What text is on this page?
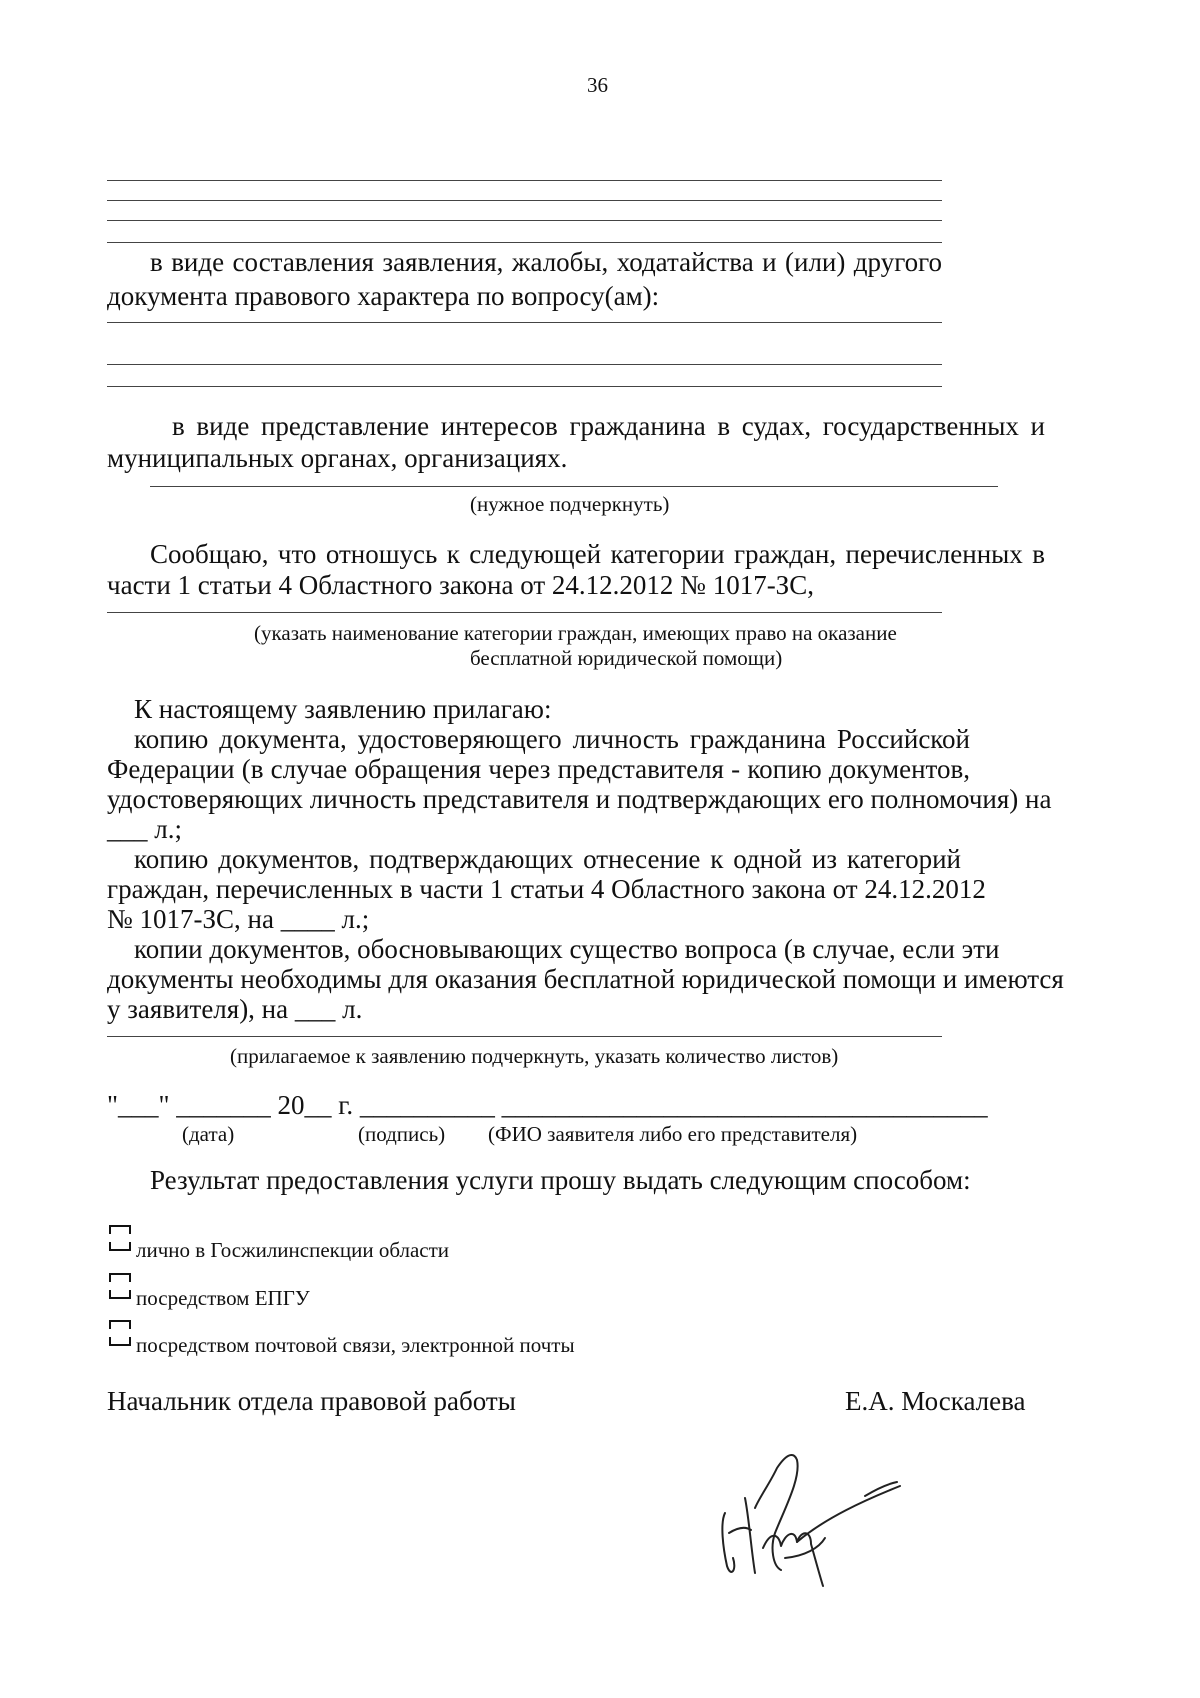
36
в виде составления заявления, жалобы, ходатайства и (или) другого
документа правового характера по вопросу(ам):
в виде представление интересов гражданина в судах, государственных и
муниципальных органах, организациях.
(нужное подчеркнуть)
Сообщаю, что отношусь к следующей категории граждан, перечисленных в
части 1 статьи 4 Областного закона от 24.12.2012 № 1017-ЗС,
(указать наименование категории граждан, имеющих право на оказание
бесплатной юридической помощи)
К настоящему заявлению прилагаю:
копию документа, удостоверяющего личность гражданина Российской
Федерации (в случае обращения через представителя - копию документов,
удостоверяющих личность представителя и подтверждающих его полномочия) на
___ л.;
копию документов, подтверждающих отнесение к одной из категорий
граждан, перечисленных в части 1 статьи 4 Областного закона от 24.12.2012
№ 1017-ЗС, на ____ л.;
копии документов, обосновывающих существо вопроса (в случае, если эти
документы необходимы для оказания бесплатной юридической помощи и имеются
у заявителя), на ___ л.
(прилагаемое к заявлению подчеркнуть, указать количество листов)
"___" _______ 20__ г. __________ ____________________________________
(дата)	(подпись) (ФИО заявителя либо его представителя)
Результат предоставления услуги прошу выдать следующим способом:
лично в Госжилинспекции области
посредством ЕПГУ
посредством почтовой связи, электронной почты
Начальник отдела правовой работы	Е.А. Москалева
